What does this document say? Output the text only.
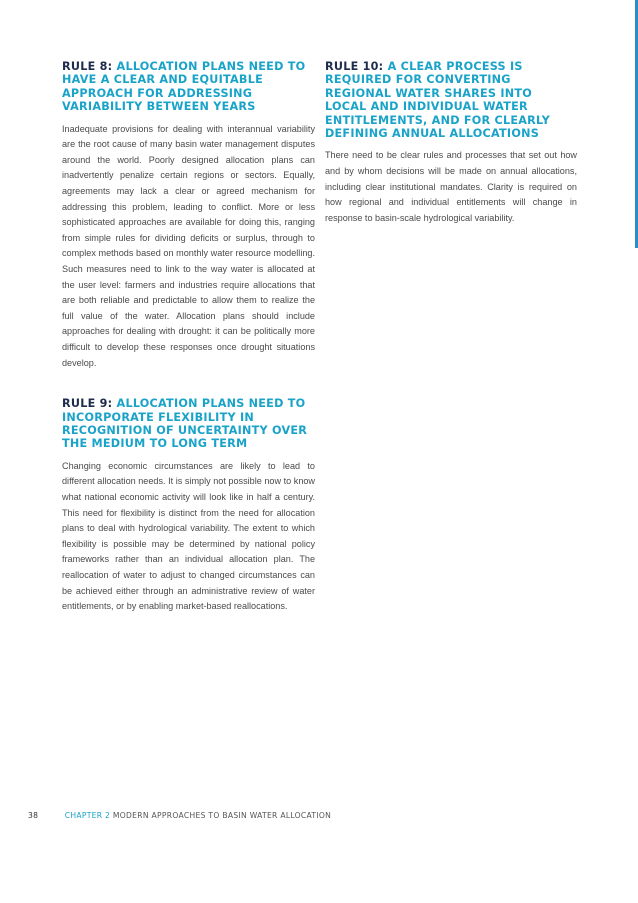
RULE 8: ALLOCATION PLANS NEED TO HAVE A CLEAR AND EQUITABLE APPROACH FOR ADDRESSING VARIABILITY BETWEEN YEARS

Inadequate provisions for dealing with interannual variability are the root cause of many basin water management disputes around the world. Poorly designed allocation plans can inadvertently penalize certain regions or sectors. Equally, agreements may lack a clear or agreed mechanism for addressing this problem, leading to conflict. More or less sophisticated approaches are available for doing this, ranging from simple rules for dividing deficits or surplus, through to complex methods based on monthly water resource modelling. Such measures need to link to the way water is allocated at the user level: farmers and industries require allocations that are both reliable and predictable to allow them to realize the full value of the water. Allocation plans should include approaches for dealing with drought: it can be politically more difficult to develop these responses once drought situations develop.

RULE 9: ALLOCATION PLANS NEED TO INCORPORATE FLEXIBILITY IN RECOGNITION OF UNCERTAINTY OVER THE MEDIUM TO LONG TERM

Changing economic circumstances are likely to lead to different allocation needs. It is simply not possible now to know what national economic activity will look like in half a century. This need for flexibility is distinct from the need for allocation plans to deal with hydrological variability. The extent to which flexibility is possible may be determined by national policy frameworks rather than an individual allocation plan. The reallocation of water to adjust to changed circumstances can be achieved either through an administrative review of water entitlements, or by enabling market-based reallocations.

RULE 10: A CLEAR PROCESS IS REQUIRED FOR CONVERTING REGIONAL WATER SHARES INTO LOCAL AND INDIVIDUAL WATER ENTITLEMENTS, AND FOR CLEARLY DEFINING ANNUAL ALLOCATIONS

There need to be clear rules and processes that set out how and by whom decisions will be made on annual allocations, including clear institutional mandates. Clarity is required on how regional and individual entitlements will change in response to basin-scale hydrological variability.

38	CHAPTER 2 MODERN APPROACHES TO BASIN WATER ALLOCATION
